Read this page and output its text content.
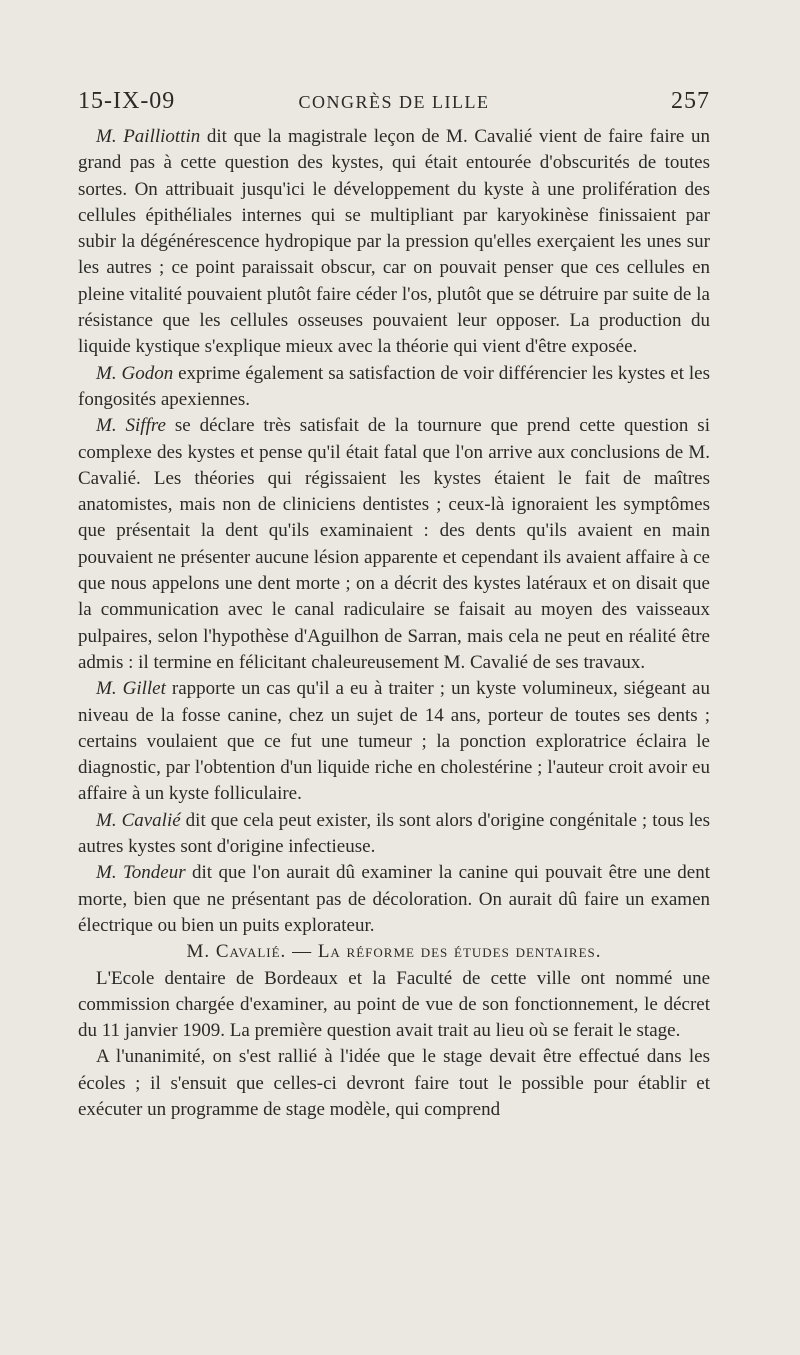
15-IX-09	CONGRÈS DE LILLE	257

M. Pailliottin dit que la magistrale leçon de M. Cavalié vient de faire faire un grand pas à cette question des kystes, qui était entourée d'obscurités de toutes sortes. On attribuait jusqu'ici le développement du kyste à une prolifération des cellules épithéliales internes qui se multipliant par karyokinèse finissaient par subir la dégénérescence hydropique par la pression qu'elles exerçaient les unes sur les autres ; ce point paraissait obscur, car on pouvait penser que ces cellules en pleine vitalité pouvaient plutôt faire céder l'os, plutôt que se détruire par suite de la résistance que les cellules osseuses pouvaient leur opposer. La production du liquide kystique s'explique mieux avec la théorie qui vient d'être exposée.

M. Godon exprime également sa satisfaction de voir différencier les kystes et les fongosités apexiennes.

M. Siffre se déclare très satisfait de la tournure que prend cette question si complexe des kystes et pense qu'il était fatal que l'on arrive aux conclusions de M. Cavalié. Les théories qui régissaient les kystes étaient le fait de maîtres anatomistes, mais non de cliniciens dentistes ; ceux-là ignoraient les symptômes que présentait la dent qu'ils examinaient : des dents qu'ils avaient en main pouvaient ne présenter aucune lésion apparente et cependant ils avaient affaire à ce que nous appelons une dent morte ; on a décrit des kystes latéraux et on disait que la communication avec le canal radiculaire se faisait au moyen des vaisseaux pulpaires, selon l'hypothèse d'Aguilhon de Sarran, mais cela ne peut en réalité être admis : il termine en félicitant chaleureusement M. Cavalié de ses travaux.

M. Gillet rapporte un cas qu'il a eu à traiter ; un kyste volumineux, siégeant au niveau de la fosse canine, chez un sujet de 14 ans, porteur de toutes ses dents ; certains voulaient que ce fut une tumeur ; la ponction exploratrice éclaira le diagnostic, par l'obtention d'un liquide riche en cholestérine ; l'auteur croit avoir eu affaire à un kyste folliculaire.

M. Cavalié dit que cela peut exister, ils sont alors d'origine congénitale ; tous les autres kystes sont d'origine infectieuse.

M. Tondeur dit que l'on aurait dû examiner la canine qui pouvait être une dent morte, bien que ne présentant pas de décoloration. On aurait dû faire un examen électrique ou bien un puits explorateur.

M. Cavalié. — La réforme des études dentaires.

L'Ecole dentaire de Bordeaux et la Faculté de cette ville ont nommé une commission chargée d'examiner, au point de vue de son fonctionnement, le décret du 11 janvier 1909. La première question avait trait au lieu où se ferait le stage.

A l'unanimité, on s'est rallié à l'idée que le stage devait être effectué dans les écoles ; il s'ensuit que celles-ci devront faire tout le possible pour établir et exécuter un programme de stage modèle, qui comprend
